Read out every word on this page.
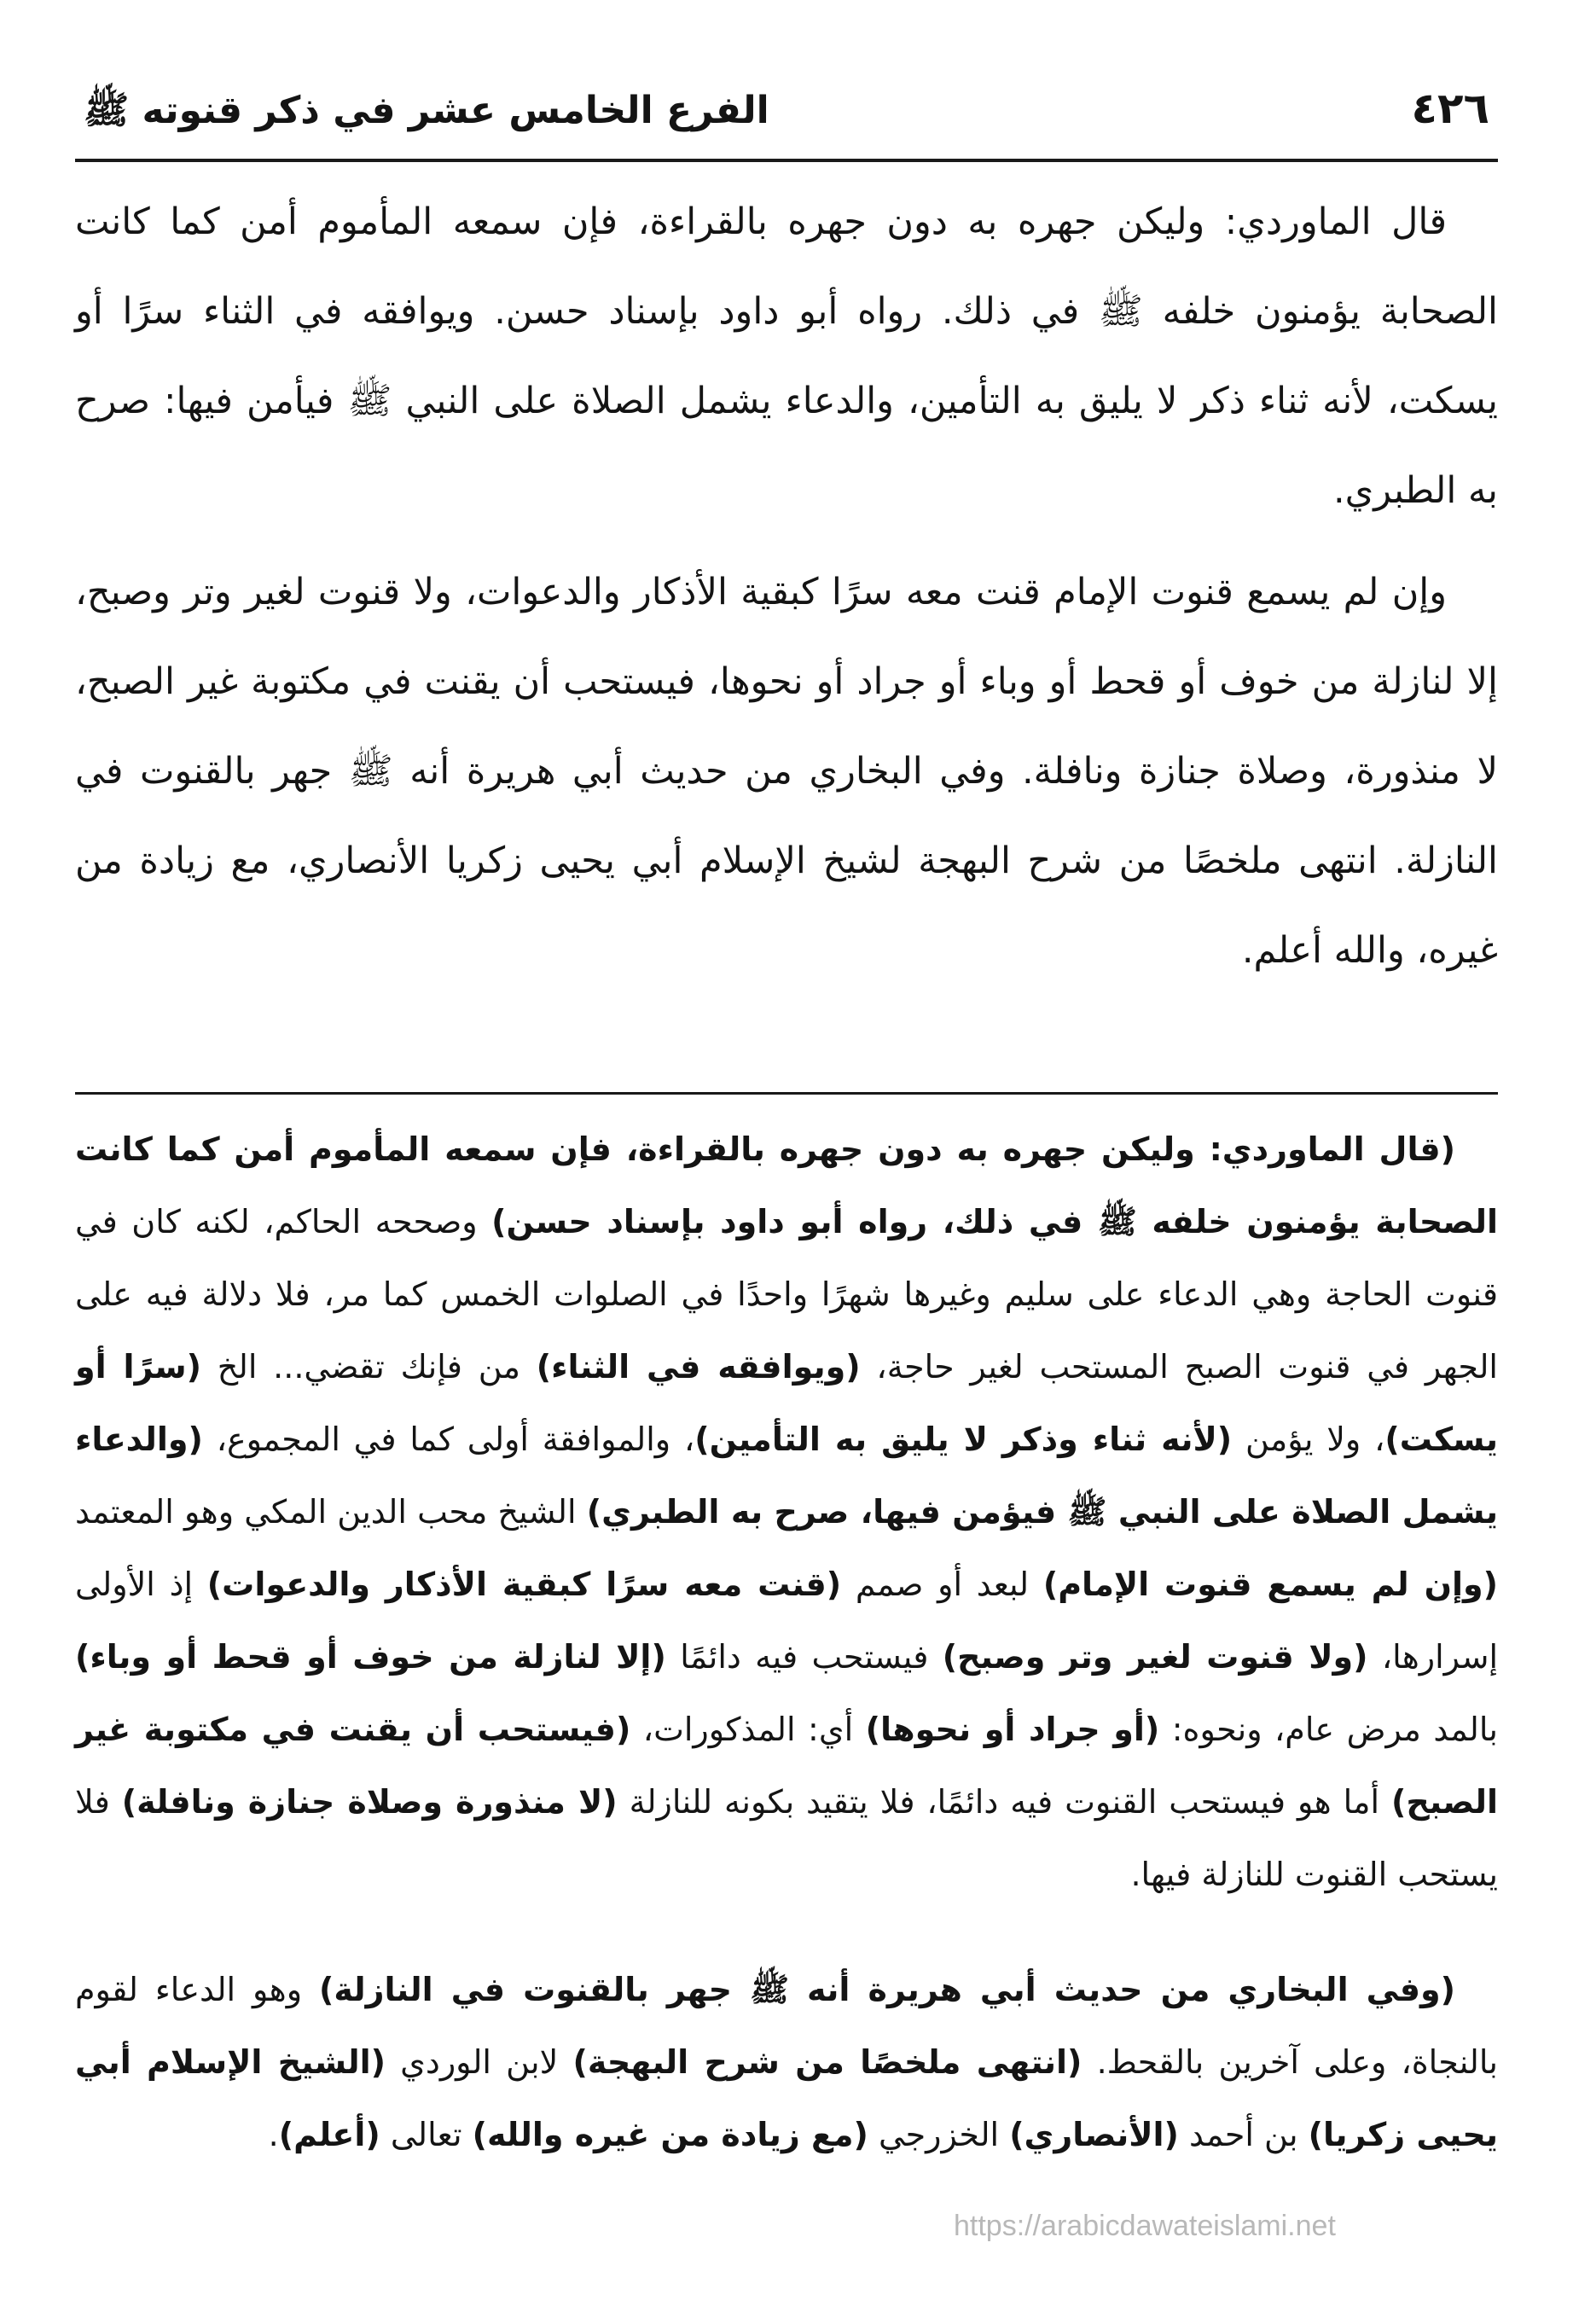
٤٢٦
الفرع الخامس عشر في ذكر قنوته ﷺ

قال الماوردي: وليكن جهره به دون جهره بالقراءة، فإن سمعه المأموم أمن كما كانت الصحابة يؤمنون خلفه ﷺ في ذلك. رواه أبو داود بإسناد حسن. ويوافقه في الثناء سرًا أو يسكت، لأنه ثناء ذكر لا يليق به التأمين، والدعاء يشمل الصلاة على النبي ﷺ فيأمن فيها: صرح به الطبري.

وإن لم يسمع قنوت الإمام قنت معه سرًا كبقية الأذكار والدعوات، ولا قنوت لغير وتر وصبح، إلا لنازلة من خوف أو قحط أو وباء أو جراد أو نحوها، فيستحب أن يقنت في مكتوبة غير الصبح، لا منذورة، وصلاة جنازة ونافلة. وفي البخاري من حديث أبي هريرة أنه ﷺ جهر بالقنوت في النازلة. انتهى ملخصًا من شرح البهجة لشيخ الإسلام أبي يحيى زكريا الأنصاري، مع زيادة من غيره، والله أعلم.

(قال الماوردي: وليكن جهره به دون جهره بالقراءة، فإن سمعه المأموم أمن كما كانت الصحابة يؤمنون خلفه ﷺ في ذلك، رواه أبو داود بإسناد حسن) وصححه الحاكم، لكنه كان في قنوت الحاجة وهي الدعاء على سليم وغيرها شهرًا واحدًا في الصلوات الخمس كما مر، فلا دلالة فيه على الجهر في قنوت الصبح المستحب لغير حاجة، (ويوافقه في الثناء) من فإنك تقضي... الخ (سرًا أو يسكت)، ولا يؤمن (لأنه ثناء وذكر لا يليق به التأمين)، والموافقة أولى كما في المجموع، (والدعاء يشمل الصلاة على النبي ﷺ فيؤمن فيها، صرح به الطبري) الشيخ محب الدين المكي وهو المعتمد (وإن لم يسمع قنوت الإمام) لبعد أو صمم (قنت معه سرًا كبقية الأذكار والدعوات) إذ الأولى إسرارها، (ولا قنوت لغير وتر وصبح) فيستحب فيه دائمًا (إلا لنازلة من خوف أو قحط أو وباء) بالمد مرض عام، ونحوه: (أو جراد أو نحوها) أي: المذكورات، (فيستحب أن يقنت في مكتوبة غير الصبح) أما هو فيستحب القنوت فيه دائمًا، فلا يتقيد بكونه للنازلة (لا منذورة وصلاة جنازة ونافلة) فلا يستحب القنوت للنازلة فيها.

(وفي البخاري من حديث أبي هريرة أنه ﷺ جهر بالقنوت في النازلة) وهو الدعاء لقوم بالنجاة، وعلى آخرين بالقحط. (انتهى ملخصًا من شرح البهجة) لابن الوردي (الشيخ الإسلام أبي يحيى زكريا) بن أحمد (الأنصاري) الخزرجي (مع زيادة من غيره والله) تعالى (أعلم).

https://arabicdawateislami.net
